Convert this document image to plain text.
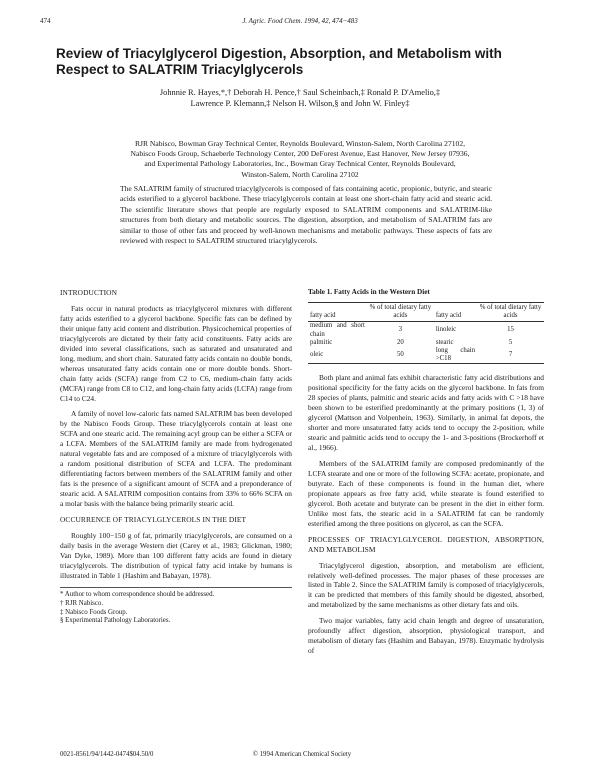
474	J. Agric. Food Chem. 1994, 42, 474−483
Review of Triacylglycerol Digestion, Absorption, and Metabolism with Respect to SALATRIM Triacylglycerols
Johnnie R. Hayes,*,† Deborah H. Pence,† Saul Scheinbach,‡ Ronald P. D'Amelio,‡
Lawrence P. Klemann,‡ Nelson H. Wilson,§ and John W. Finley‡
RJR Nabisco, Bowman Gray Technical Center, Reynolds Boulevard, Winston-Salem, North Carolina 27102,
Nabisco Foods Group, Schaeberle Technology Center, 200 DeForest Avenue, East Hanover, New Jersey 07936,
and Experimental Pathology Laboratories, Inc., Bowman Gray Technical Center, Reynolds Boulevard,
Winston-Salem, North Carolina 27102
The SALATRIM family of structured triacylglycerols is composed of fats containing acetic, propionic, butyric, and stearic acids esterified to a glycerol backbone. These triacylglycerols contain at least one short-chain fatty acid and stearic acid. The scientific literature shows that people are regularly exposed to SALATRIM components and SALATRIM-like structures from both dietary and metabolic sources. The digestion, absorption, and metabolism of SALATRIM fats are similar to those of other fats and proceed by well-known mechanisms and metabolic pathways. These aspects of fats are reviewed with respect to SALATRIM structured triacylglycerols.
INTRODUCTION

Fats occur in natural products as triacylglycerol mixtures with different fatty acids esterified to a glycerol backbone. Specific fats can be defined by their unique fatty acid content and distribution. Physicochemical properties of triacylglycerols are dictated by their fatty acid constituents. Fatty acids are divided into several classifications, such as saturated and unsaturated and long, medium, and short chain. Saturated fatty acids contain no double bonds, whereas unsaturated fatty acids contain one or more double bonds. Short-chain fatty acids (SCFA) range from C2 to C6, medium-chain fatty acids (MCFA) range from C8 to C12, and long-chain fatty acids (LCFA) range from C14 to C24.

A family of novel low-caloric fats named SALATRIM has been developed by the Nabisco Foods Group. These triacylglycerols contain at least one SCFA and one stearic acid. The remaining acyl group can be either a SCFA or a LCFA. Members of the SALATRIM family are made from hydrogenated natural vegetable fats and are composed of a mixture of triacylglycerols with a random positional distribution of SCFA and LCFA. The predominant differentiating factors between members of the SALATRIM family and other fats is the presence of a significant amount of SCFA and a preponderance of stearic acid. A SALATRIM composition contains from 33% to 66% SCFA on a molar basis with the balance being primarily stearic acid.

OCCURRENCE OF TRIACYLGLYCEROLS IN THE DIET

Roughly 100−150 g of fat, primarily triacylglycerols, are consumed on a daily basis in the average Western diet (Carey et al., 1983; Glickman, 1980; Van Dyke, 1989). More than 100 different fatty acids are found in dietary triacylglycerols. The distribution of typical fatty acid intake by humans is illustrated in Table 1 (Hashim and Babayan, 1978).

* Author to whom correspondence should be addressed.
† RJR Nabisco.
‡ Nabisco Foods Group.
§ Experimental Pathology Laboratories.
Table 1. Fatty Acids in the Western Diet
fatty acid	% of total dietary fatty acids	fatty acid	% of total dietary fatty acids
medium and short chain	3	linoleic	15
palmitic	20	stearic	5
oleic	50	long chain >C18	7

Both plant and animal fats exhibit characteristic fatty acid distributions and positional specificity for the fatty acids on the glycerol backbone. In fats from 28 species of plants, palmitic and stearic acids and fatty acids with C >18 have been shown to be esterified predominantly at the primary positions (1, 3) of glycerol (Mattson and Volpenhein, 1963). Similarly, in animal fat depots, the shorter and more unsaturated fatty acids tend to occupy the 2-position, while stearic and palmitic acids tend to occupy the 1- and 3-positions (Brockerhoff et al., 1966).

Members of the SALATRIM family are composed predominantly of the LCFA stearate and one or more of the following SCFA: acetate, propionate, and butyrate. Each of these components is found in the human diet, where propionate appears as free fatty acid, while stearate is found esterified to glycerol. Both acetate and butyrate can be present in the diet in either form. Unlike most fats, the stearic acid in a SALATRIM fat can be randomly esterified among the three positions on glycerol, as can the SCFA.

PROCESSES OF TRIACYLGLYCEROL DIGESTION, ABSORPTION, AND METABOLISM

Triacylglycerol digestion, absorption, and metabolism are efficient, relatively well-defined processes. The major phases of these processes are listed in Table 2. Since the SALATRIM family is composed of triacylglycerols, it can be predicted that members of this family should be digested, absorbed, and metabolized by the same mechanisms as other dietary fats and oils.

Two major variables, fatty acid chain length and degree of unsaturation, profoundly affect digestion, absorption, physiological transport, and metabolism of dietary fats (Hashim and Babayan, 1978). Enzymatic hydrolysis of

0021-8561/94/1442-0474$04.50/0	© 1994 American Chemical Society
